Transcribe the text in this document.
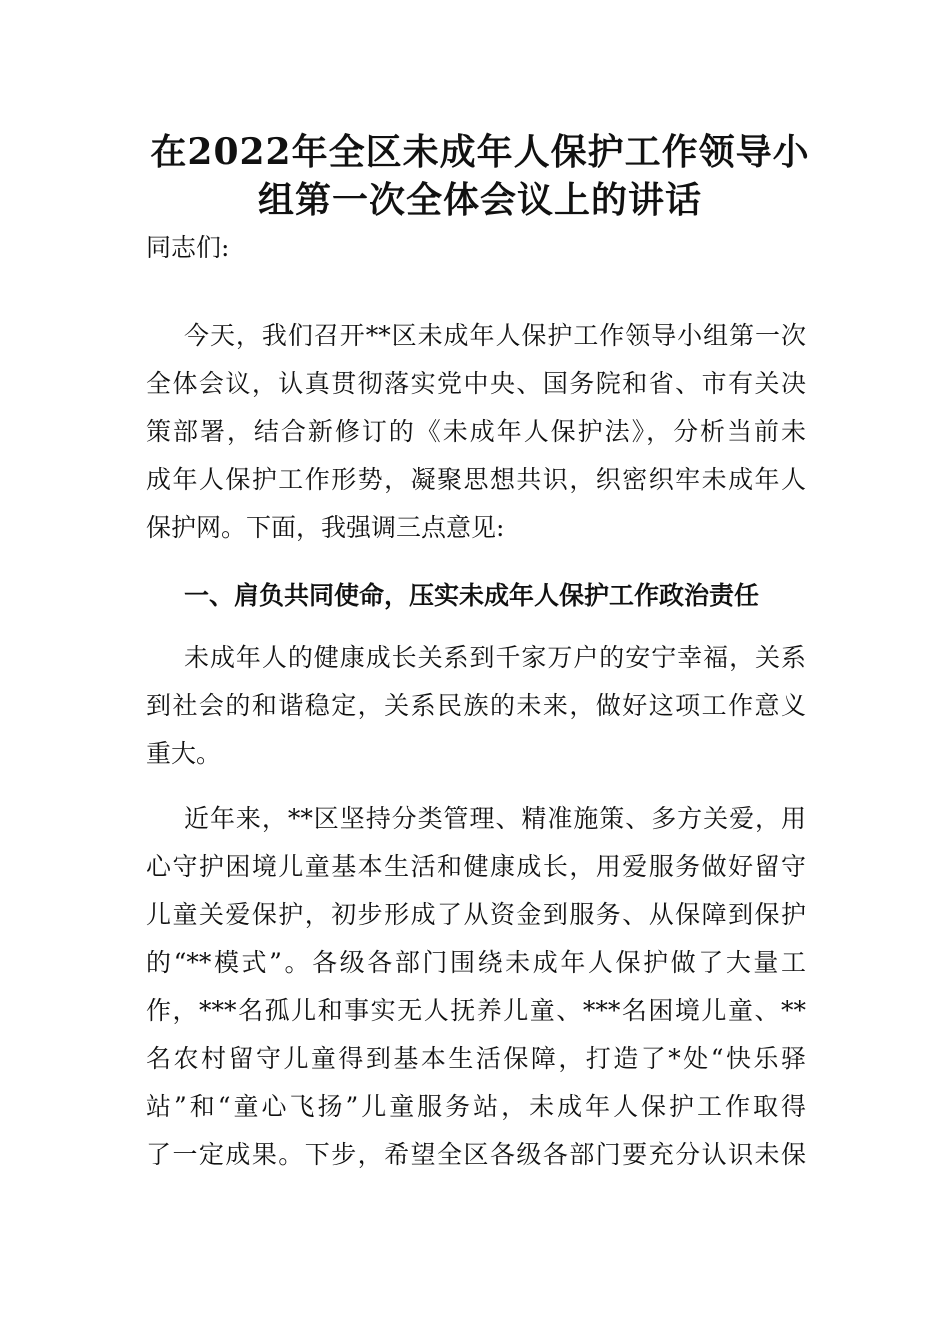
在2022年全区未成年人保护工作领导小
组第一次全体会议上的讲话
同志们:
今天，我们召开**区未成年人保护工作领导小组第一次
全体会议，认真贯彻落实党中央、国务院和省、市有关决
策部署，结合新修订的《未成年人保护法》，分析当前未
成年人保护工作形势，凝聚思想共识，织密织牢未成年人
保护网。下面，我强调三点意见:
一、肩负共同使命，压实未成年人保护工作政治责任
未成年人的健康成长关系到千家万户的安宁幸福，关系
到社会的和谐稳定，关系民族的未来，做好这项工作意义
重大。
近年来，**区坚持分类管理、精准施策、多方关爱，用
心守护困境儿童基本生活和健康成长，用爱服务做好留守
儿童关爱保护，初步形成了从资金到服务、从保障到保护
的“**模式”。各级各部门围绕未成年人保护做了大量工
作，***名孤儿和事实无人抚养儿童、***名困境儿童、**
名农村留守儿童得到基本生活保障，打造了*处“快乐驿
站”和“童心飞扬”儿童服务站，未成年人保护工作取得
了一定成果。下步，希望全区各级各部门要充分认识未保
